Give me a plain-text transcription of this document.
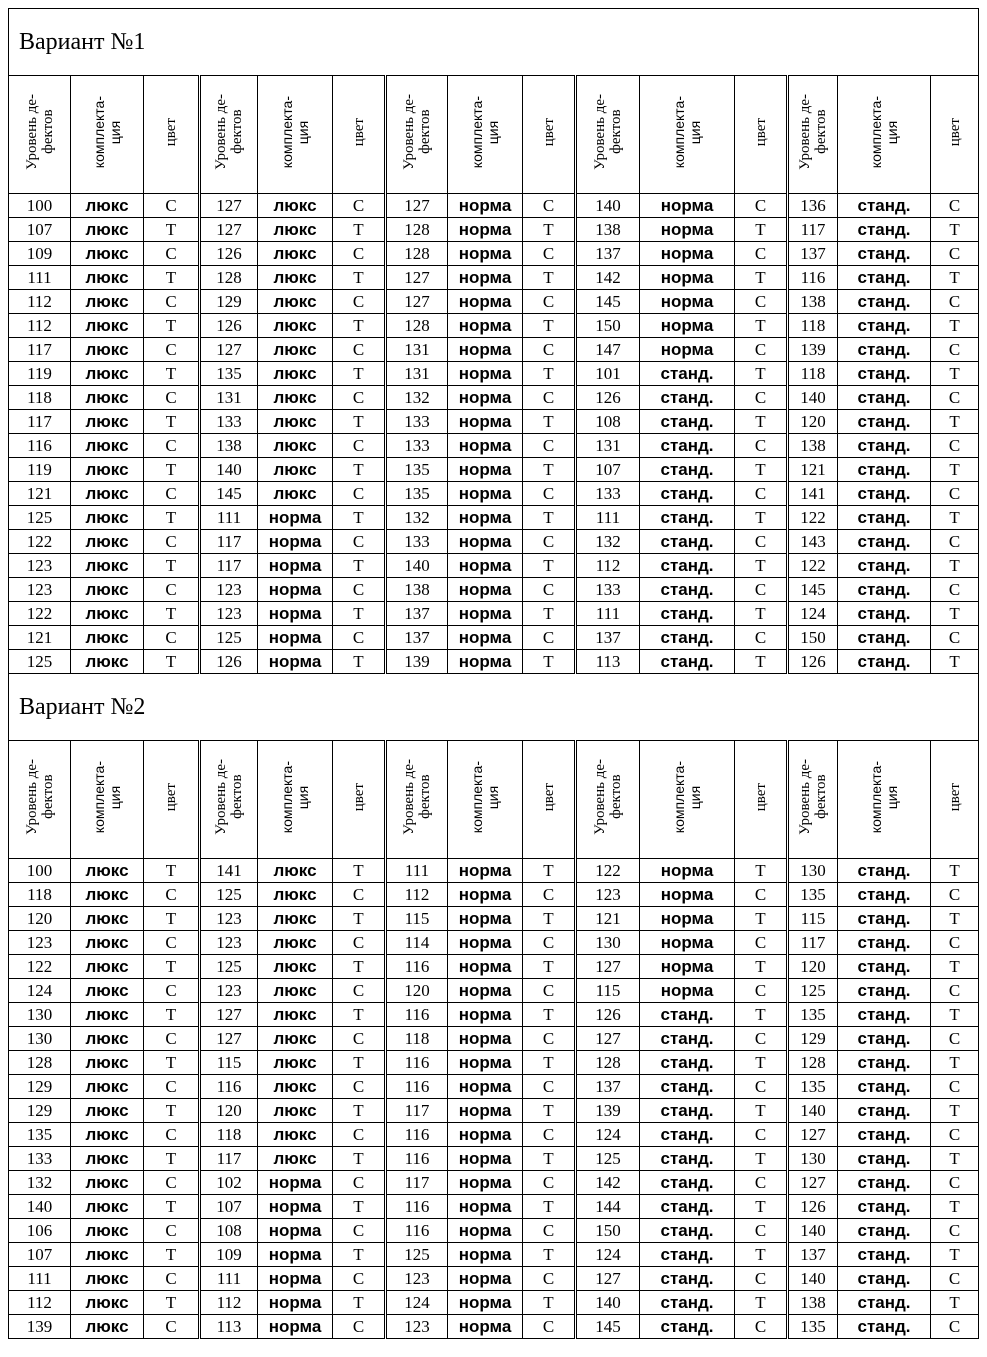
Вариант №1														
Уровень де-
фектов	комплекта-
ция	цвет	Уровень де-
фектов	комплекта-
ция	цвет	Уровень де-
фектов	комплекта-
ция	цвет	Уровень де-
фектов	комплекта-
ция	цвет	Уровень де-
фектов	комплекта-
ция	цвет
100	люкс	С	127	люкс	С	127	норма	С	140	норма	С	136	станд.	С
107	люкс	Т	127	люкс	Т	128	норма	Т	138	норма	Т	117	станд.	Т
109	люкс	С	126	люкс	С	128	норма	С	137	норма	С	137	станд.	С
111	люкс	Т	128	люкс	Т	127	норма	Т	142	норма	Т	116	станд.	Т
112	люкс	С	129	люкс	С	127	норма	С	145	норма	С	138	станд.	С
112	люкс	Т	126	люкс	Т	128	норма	Т	150	норма	Т	118	станд.	Т
117	люкс	С	127	люкс	С	131	норма	С	147	норма	С	139	станд.	С
119	люкс	Т	135	люкс	Т	131	норма	Т	101	станд.	Т	118	станд.	Т
118	люкс	С	131	люкс	С	132	норма	С	126	станд.	С	140	станд.	С
117	люкс	Т	133	люкс	Т	133	норма	Т	108	станд.	Т	120	станд.	Т
116	люкс	С	138	люкс	С	133	норма	С	131	станд.	С	138	станд.	С
119	люкс	Т	140	люкс	Т	135	норма	Т	107	станд.	Т	121	станд.	Т
121	люкс	С	145	люкс	С	135	норма	С	133	станд.	С	141	станд.	С
125	люкс	Т	111	норма	Т	132	норма	Т	111	станд.	Т	122	станд.	Т
122	люкс	С	117	норма	С	133	норма	С	132	станд.	С	143	станд.	С
123	люкс	Т	117	норма	Т	140	норма	Т	112	станд.	Т	122	станд.	Т
123	люкс	С	123	норма	С	138	норма	С	133	станд.	С	145	станд.	С
122	люкс	Т	123	норма	Т	137	норма	Т	111	станд.	Т	124	станд.	Т
121	люкс	С	125	норма	С	137	норма	С	137	станд.	С	150	станд.	С
125	люкс	Т	126	норма	Т	139	норма	Т	113	станд.	Т	126	станд.	Т
Вариант №2														
Уровень де-
фектов	комплекта-
ция	цвет	Уровень де-
фектов	комплекта-
ция	цвет	Уровень де-
фектов	комплекта-
ция	цвет	Уровень де-
фектов	комплекта-
ция	цвет	Уровень де-
фектов	комплекта-
ция	цвет
100	люкс	Т	141	люкс	Т	111	норма	Т	122	норма	Т	130	станд.	Т
118	люкс	С	125	люкс	С	112	норма	С	123	норма	С	135	станд.	С
120	люкс	Т	123	люкс	Т	115	норма	Т	121	норма	Т	115	станд.	Т
123	люкс	С	123	люкс	С	114	норма	С	130	норма	С	117	станд.	С
122	люкс	Т	125	люкс	Т	116	норма	Т	127	норма	Т	120	станд.	Т
124	люкс	С	123	люкс	С	120	норма	С	115	норма	С	125	станд.	С
130	люкс	Т	127	люкс	Т	116	норма	Т	126	станд.	Т	135	станд.	Т
130	люкс	С	127	люкс	С	118	норма	С	127	станд.	С	129	станд.	С
128	люкс	Т	115	люкс	Т	116	норма	Т	128	станд.	Т	128	станд.	Т
129	люкс	С	116	люкс	С	116	норма	С	137	станд.	С	135	станд.	С
129	люкс	Т	120	люкс	Т	117	норма	Т	139	станд.	Т	140	станд.	Т
135	люкс	С	118	люкс	С	116	норма	С	124	станд.	С	127	станд.	С
133	люкс	Т	117	люкс	Т	116	норма	Т	125	станд.	Т	130	станд.	Т
132	люкс	С	102	норма	С	117	норма	С	142	станд.	С	127	станд.	С
140	люкс	Т	107	норма	Т	116	норма	Т	144	станд.	Т	126	станд.	Т
106	люкс	С	108	норма	С	116	норма	С	150	станд.	С	140	станд.	С
107	люкс	Т	109	норма	Т	125	норма	Т	124	станд.	Т	137	станд.	Т
111	люкс	С	111	норма	С	123	норма	С	127	станд.	С	140	станд.	С
112	люкс	Т	112	норма	Т	124	норма	Т	140	станд.	Т	138	станд.	Т
139	люкс	С	113	норма	С	123	норма	С	145	станд.	С	135	станд.	С
